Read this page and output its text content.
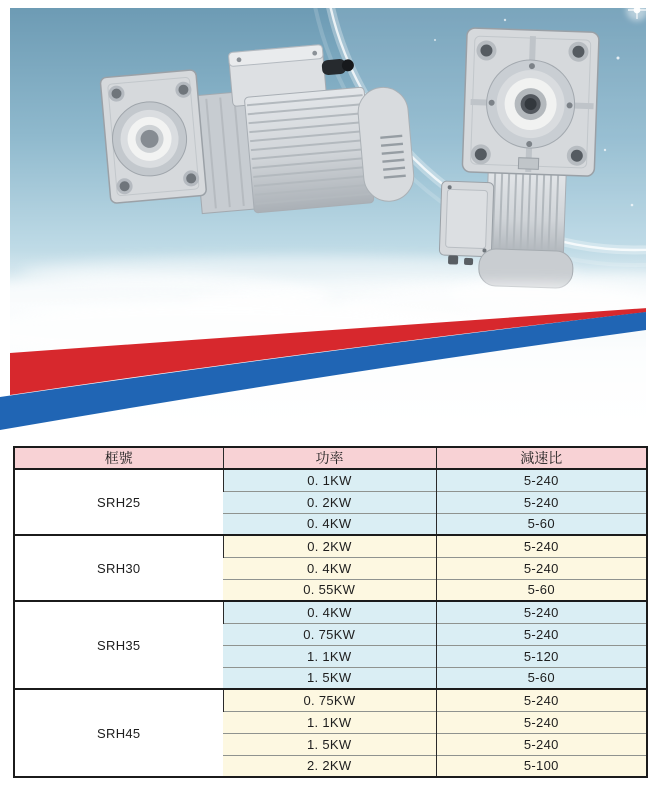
框號	功率	減速比
SRH25	0. 1KW	5-240
	0. 2KW	5-240
	0. 4KW	5-60
SRH30	0. 2KW	5-240
	0. 4KW	5-240
	0. 55KW	5-60
SRH35	0. 4KW	5-240
	0. 75KW	5-240
	1. 1KW	5-120
	1. 5KW	5-60
SRH45	0. 75KW	5-240
	1. 1KW	5-240
	1. 5KW	5-240
	2. 2KW	5-100
